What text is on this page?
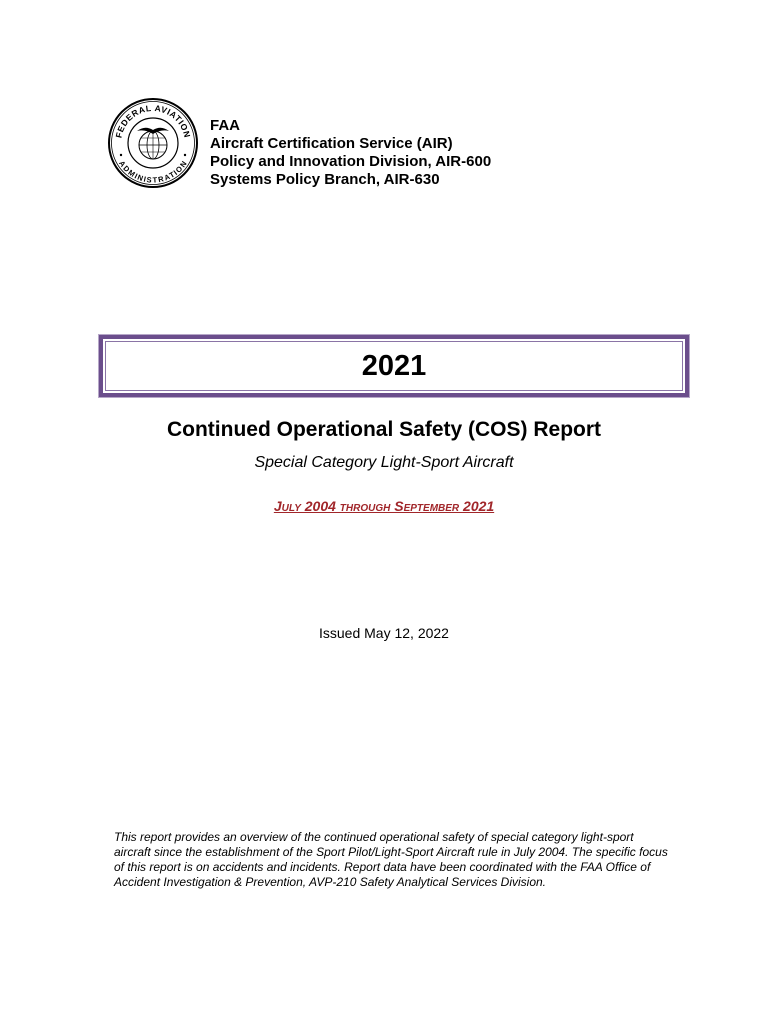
FEDERAL AVIATION
ADMINISTRATION
FAA
Aircraft Certification Service (AIR)
Policy and Innovation Division, AIR-600
Systems Policy Branch, AIR-630
2021
Continued Operational Safety (COS) Report
Special Category Light-Sport Aircraft
July 2004 through September 2021
Issued May 12, 2022
This report provides an overview of the continued operational safety of special category light-sport aircraft since the establishment of the Sport Pilot/Light-Sport Aircraft rule in July 2004. The specific focus of this report is on accidents and incidents. Report data have been coordinated with the FAA Office of Accident Investigation & Prevention, AVP-210 Safety Analytical Services Division.
